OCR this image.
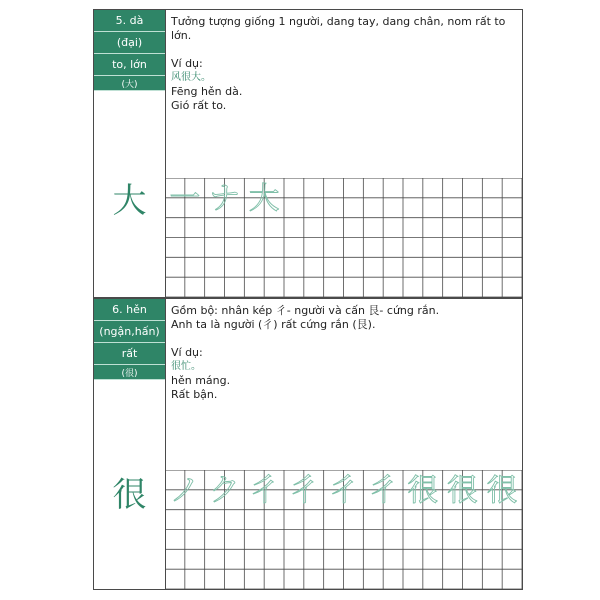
5. dà
(đại)
to, lớn
(大)
大
Tưởng tượng giống 1 người, dang tay, dang chân, nom rất to lớn.
Ví dụ:
风很大。
Fēng hěn dà.
Gió rất to.
一 ナ 大
6. hěn
(ngận,hấn)
rất
(很)
很
Gồm bộ: nhân kép 彳- người và cấn 艮- cứng rắn.
Anh ta là người (彳) rất cứng rắn (艮).
Ví dụ:
很忙。
hěn máng.
Rất bận.
ノ ク 彳 彳 彳 彳 很 很 很
